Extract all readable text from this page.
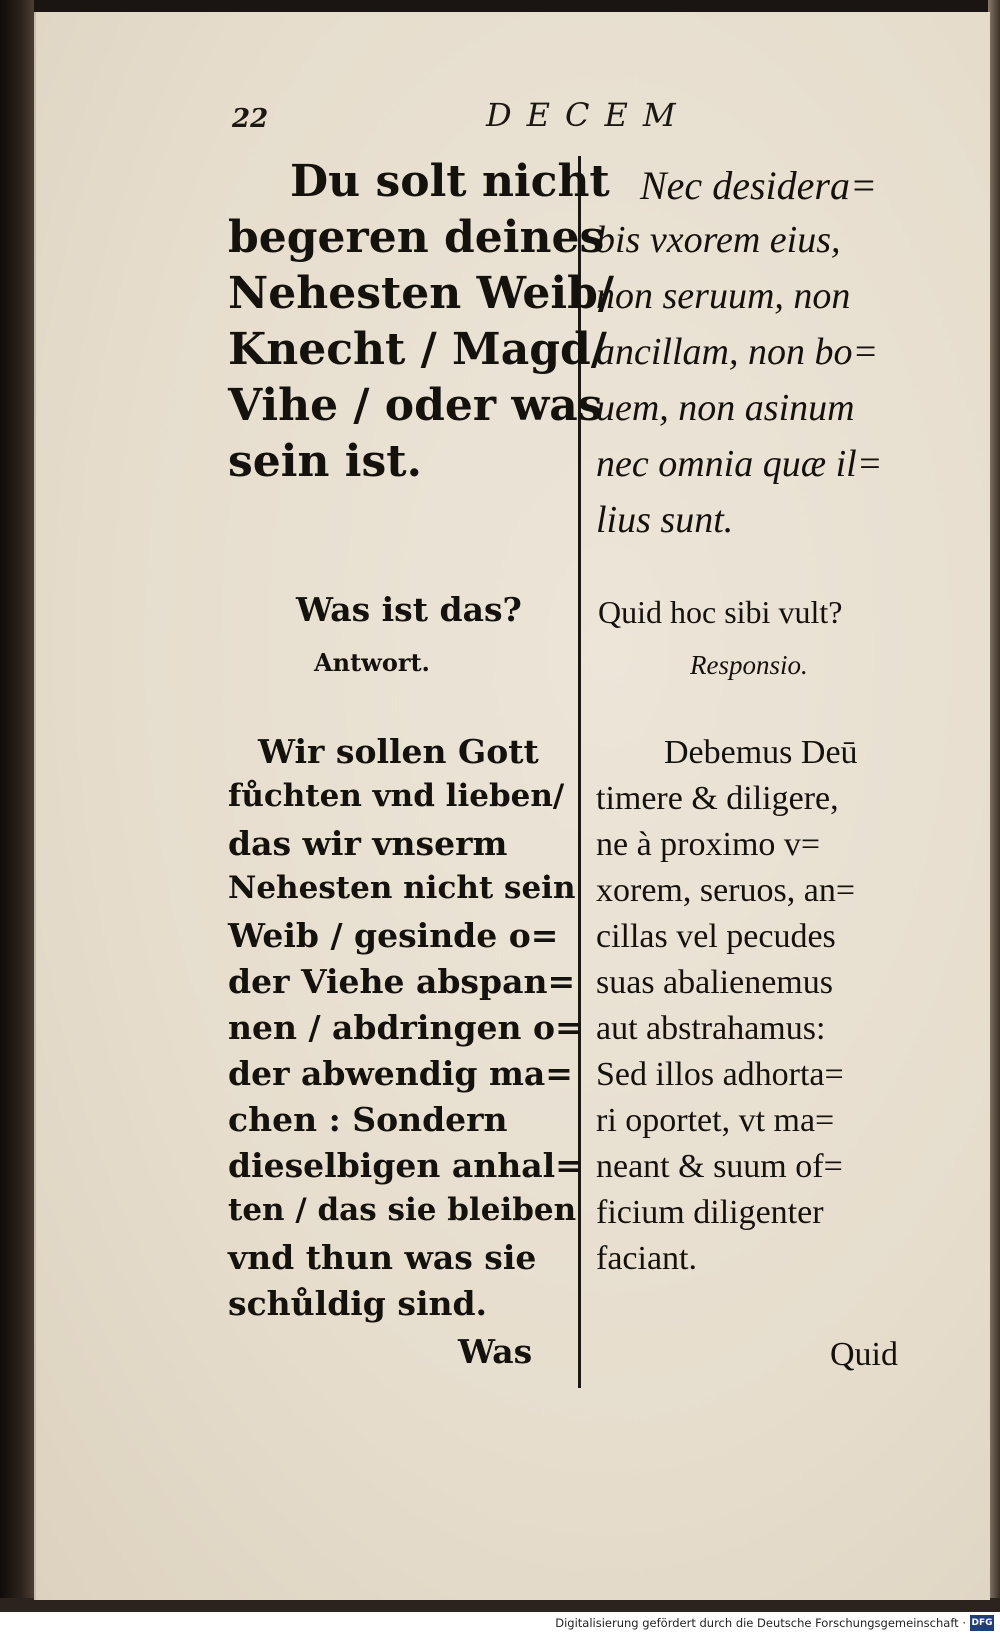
22	DECEM
Du solt nicht
begeren deines
Nehesten Weib/
Knecht / Magd/
Vihe / oder was
sein ist.
Was ist das?
Antwort.
Wir sollen Gott
fůchten vnd lieben/
das wir vnserm
Nehesten nicht sein
Weib / gesinde o=
der Viehe abspan=
nen / abdringen o=
der abwendig ma=
chen : Sondern
dieselbigen anhal=
ten / das sie bleiben
vnd thun was sie
schůldig sind.
Was
Nec desidera=
bis vxorem eius,
non seruum, non
ancillam, non bo=
uem, non asinum
nec omnia quæ il=
lius sunt.
Quid hoc sibi vult?
Responsio.
Debemus Deū
timere & diligere,
ne à proximo v=
xorem, seruos, an=
cillas vel pecudes
suas abalienemus
aut abstrahamus:
Sed illos adhorta=
ri oportet, vt ma=
neant & suum of=
ficium diligenter
faciant.
Quid
Digitalisierung gefördert durch die Deutsche Forschungsgemeinschaft · DFG
